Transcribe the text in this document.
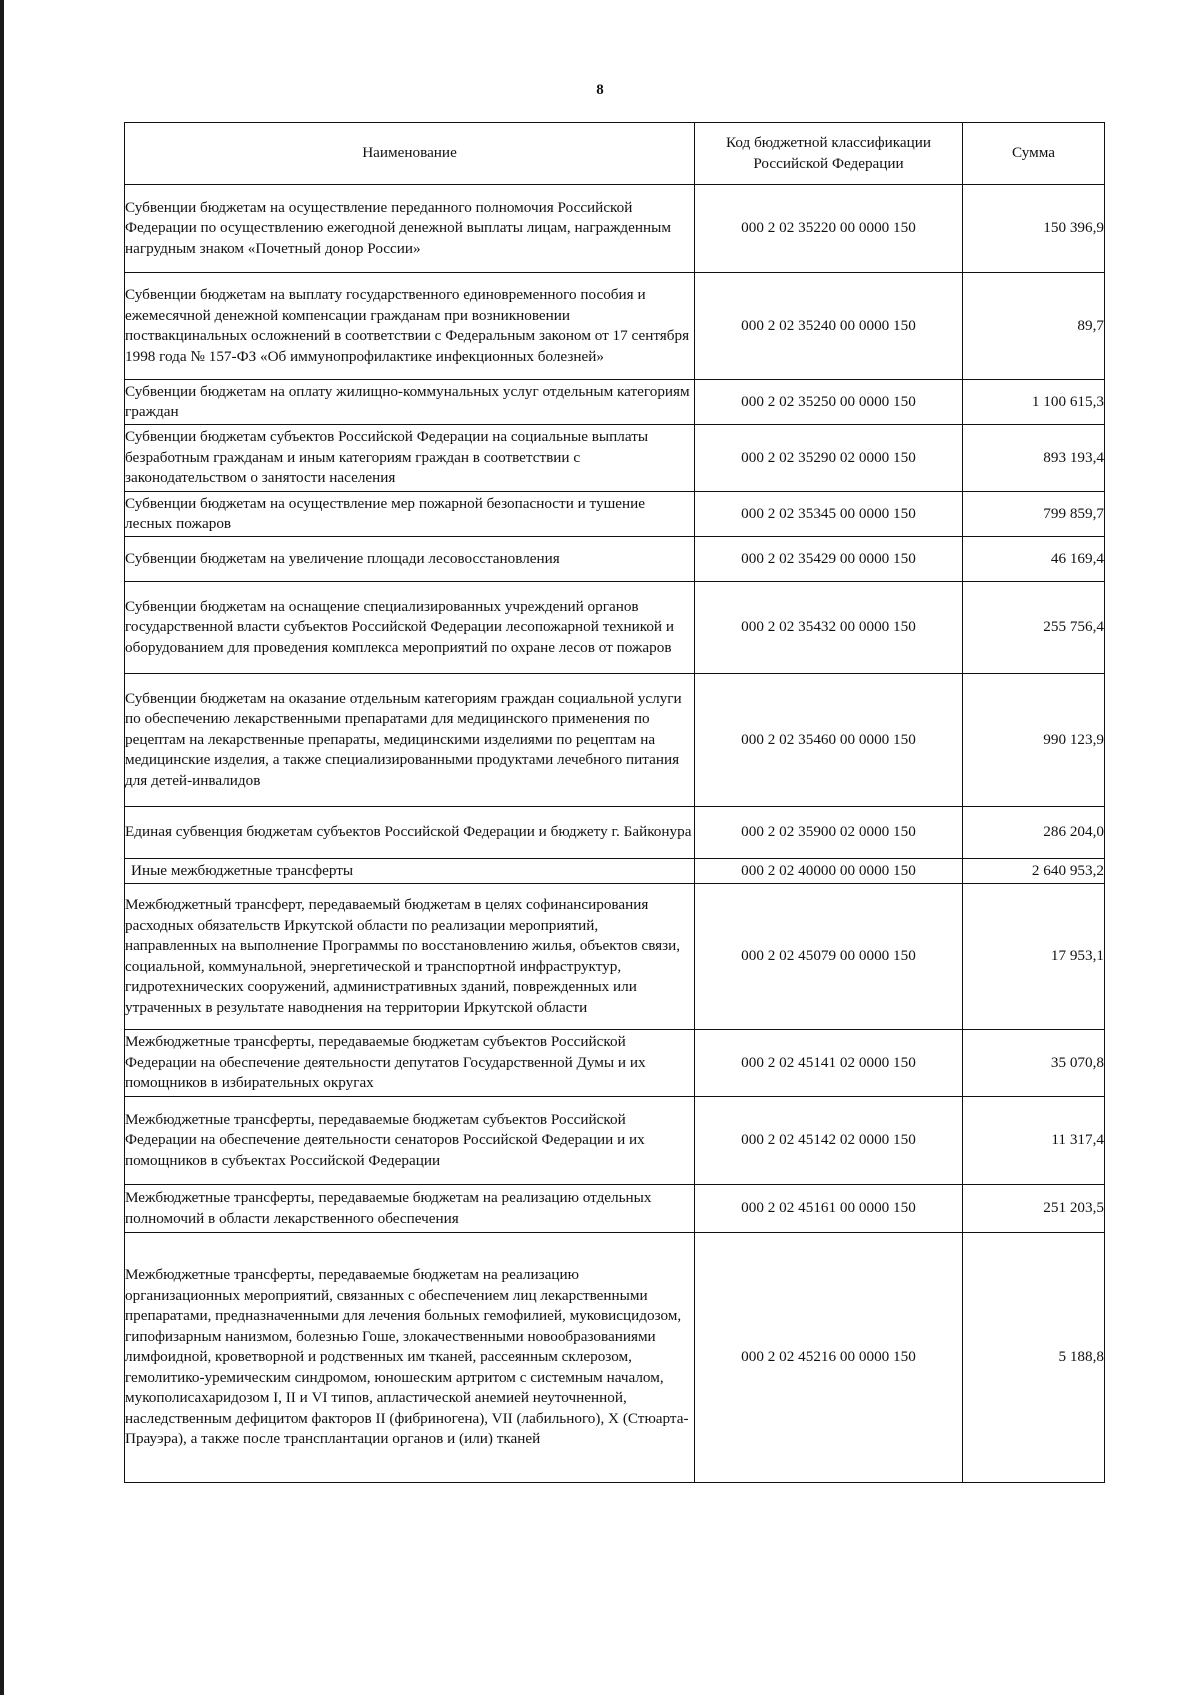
8
Наименование	Код бюджетной классификации Российской Федерации	Сумма
Субвенции бюджетам на осуществление переданного полномочия Российской Федерации по осуществлению ежегодной денежной выплаты лицам, награжденным нагрудным знаком «Почетный донор России»	000 2 02 35220 00 0000 150	150 396,9
Субвенции бюджетам на выплату государственного единовременного пособия и ежемесячной денежной компенсации гражданам при возникновении поствакцинальных осложнений в соответствии с Федеральным законом от 17 сентября 1998 года № 157-ФЗ «Об иммунопрофилактике инфекционных болезней»	000 2 02 35240 00 0000 150	89,7
Субвенции бюджетам на оплату жилищно-коммунальных услуг отдельным категориям граждан	000 2 02 35250 00 0000 150	1 100 615,3
Субвенции бюджетам субъектов Российской Федерации на социальные выплаты безработным гражданам и иным категориям граждан в соответствии с законодательством о занятости населения	000 2 02 35290 02 0000 150	893 193,4
Субвенции бюджетам на осуществление мер пожарной безопасности и тушение лесных пожаров	000 2 02 35345 00 0000 150	799 859,7
Субвенции бюджетам на увеличение площади лесовосстановления	000 2 02 35429 00 0000 150	46 169,4
Субвенции бюджетам на оснащение специализированных учреждений органов государственной власти субъектов Российской Федерации лесопожарной техникой и оборудованием для проведения комплекса мероприятий по охране лесов от пожаров	000 2 02 35432 00 0000 150	255 756,4
Субвенции бюджетам на оказание отдельным категориям граждан социальной услуги по обеспечению лекарственными препаратами для медицинского применения по рецептам на лекарственные препараты, медицинскими изделиями по рецептам на медицинские изделия, а также специализированными продуктами лечебного питания для детей-инвалидов	000 2 02 35460 00 0000 150	990 123,9
Единая субвенция бюджетам субъектов Российской Федерации и бюджету г. Байконура	000 2 02 35900 02 0000 150	286 204,0
Иные межбюджетные трансферты	000 2 02 40000 00 0000 150	2 640 953,2
Межбюджетный трансферт, передаваемый бюджетам в целях софинансирования расходных обязательств Иркутской области по реализации мероприятий, направленных на выполнение Программы по восстановлению жилья, объектов связи, социальной, коммунальной, энергетической и транспортной инфраструктур, гидротехнических сооружений, административных зданий, поврежденных или утраченных в результате наводнения на территории Иркутской области	000 2 02 45079 00 0000 150	17 953,1
Межбюджетные трансферты, передаваемые бюджетам субъектов Российской Федерации на обеспечение деятельности депутатов Государственной Думы и их помощников в избирательных округах	000 2 02 45141 02 0000 150	35 070,8
Межбюджетные трансферты, передаваемые бюджетам субъектов Российской Федерации на обеспечение деятельности сенаторов Российской Федерации и их помощников в субъектах Российской Федерации	000 2 02 45142 02 0000 150	11 317,4
Межбюджетные трансферты, передаваемые бюджетам на реализацию отдельных полномочий в области лекарственного обеспечения	000 2 02 45161 00 0000 150	251 203,5
Межбюджетные трансферты, передаваемые бюджетам на реализацию организационных мероприятий, связанных с обеспечением лиц лекарственными препаратами, предназначенными для лечения больных гемофилией, муковисцидозом, гипофизарным нанизмом, болезнью Гоше, злокачественными новообразованиями лимфоидной, кроветворной и родственных им тканей, рассеянным склерозом, гемолитико-уремическим синдромом, юношеским артритом с системным началом, мукополисахаридозом I, II и VI типов, апластической анемией неуточненной, наследственным дефицитом факторов II (фибриногена), VII (лабильного), X (Стюарта-Прауэра), а также после трансплантации органов и (или) тканей	000 2 02 45216 00 0000 150	5 188,8
